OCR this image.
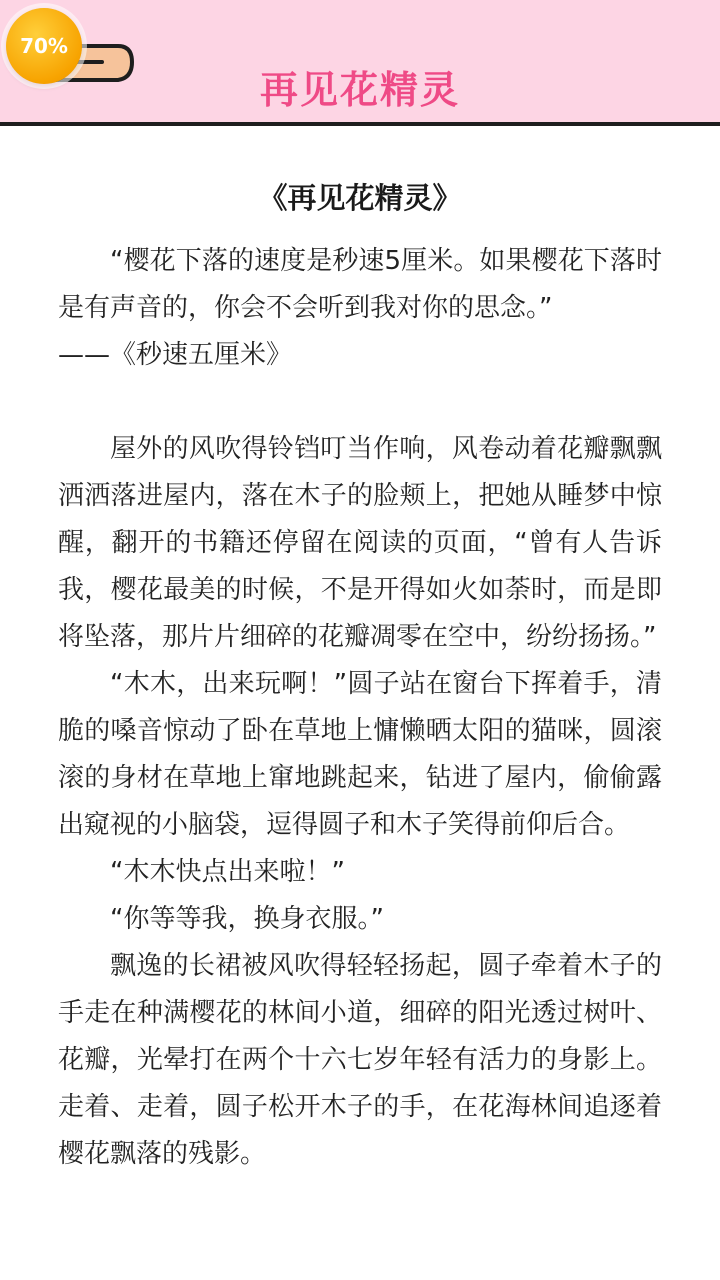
70%
再见花精灵
《再见花精灵》

“樱花下落的速度是秒速5厘米。如果樱花下落时是有声音的，你会不会听到我对你的思念。”

——《秒速五厘米》

屋外的风吹得铃铛叮当作响，风卷动着花瓣飘飘洒洒落进屋内，落在木子的脸颊上，把她从睡梦中惊醒，翻开的书籍还停留在阅读的页面，“曾有人告诉我，樱花最美的时候，不是开得如火如荼时，而是即将坠落，那片片细碎的花瓣凋零在空中，纷纷扬扬。”

“木木，出来玩啊！”圆子站在窗台下挥着手，清脆的嗓音惊动了卧在草地上慵懒晒太阳的猫咪，圆滚滚的身材在草地上窜地跳起来，钻进了屋内，偷偷露出窥视的小脑袋，逗得圆子和木子笑得前仰后合。

“木木快点出来啦！”

“你等等我，换身衣服。”

飘逸的长裙被风吹得轻轻扬起，圆子牵着木子的手走在种满樱花的林间小道，细碎的阳光透过树叶、花瓣，光晕打在两个十六七岁年轻有活力的身影上。走着、走着，圆子松开木子的手，在花海林间追逐着樱花飘落的残影。
